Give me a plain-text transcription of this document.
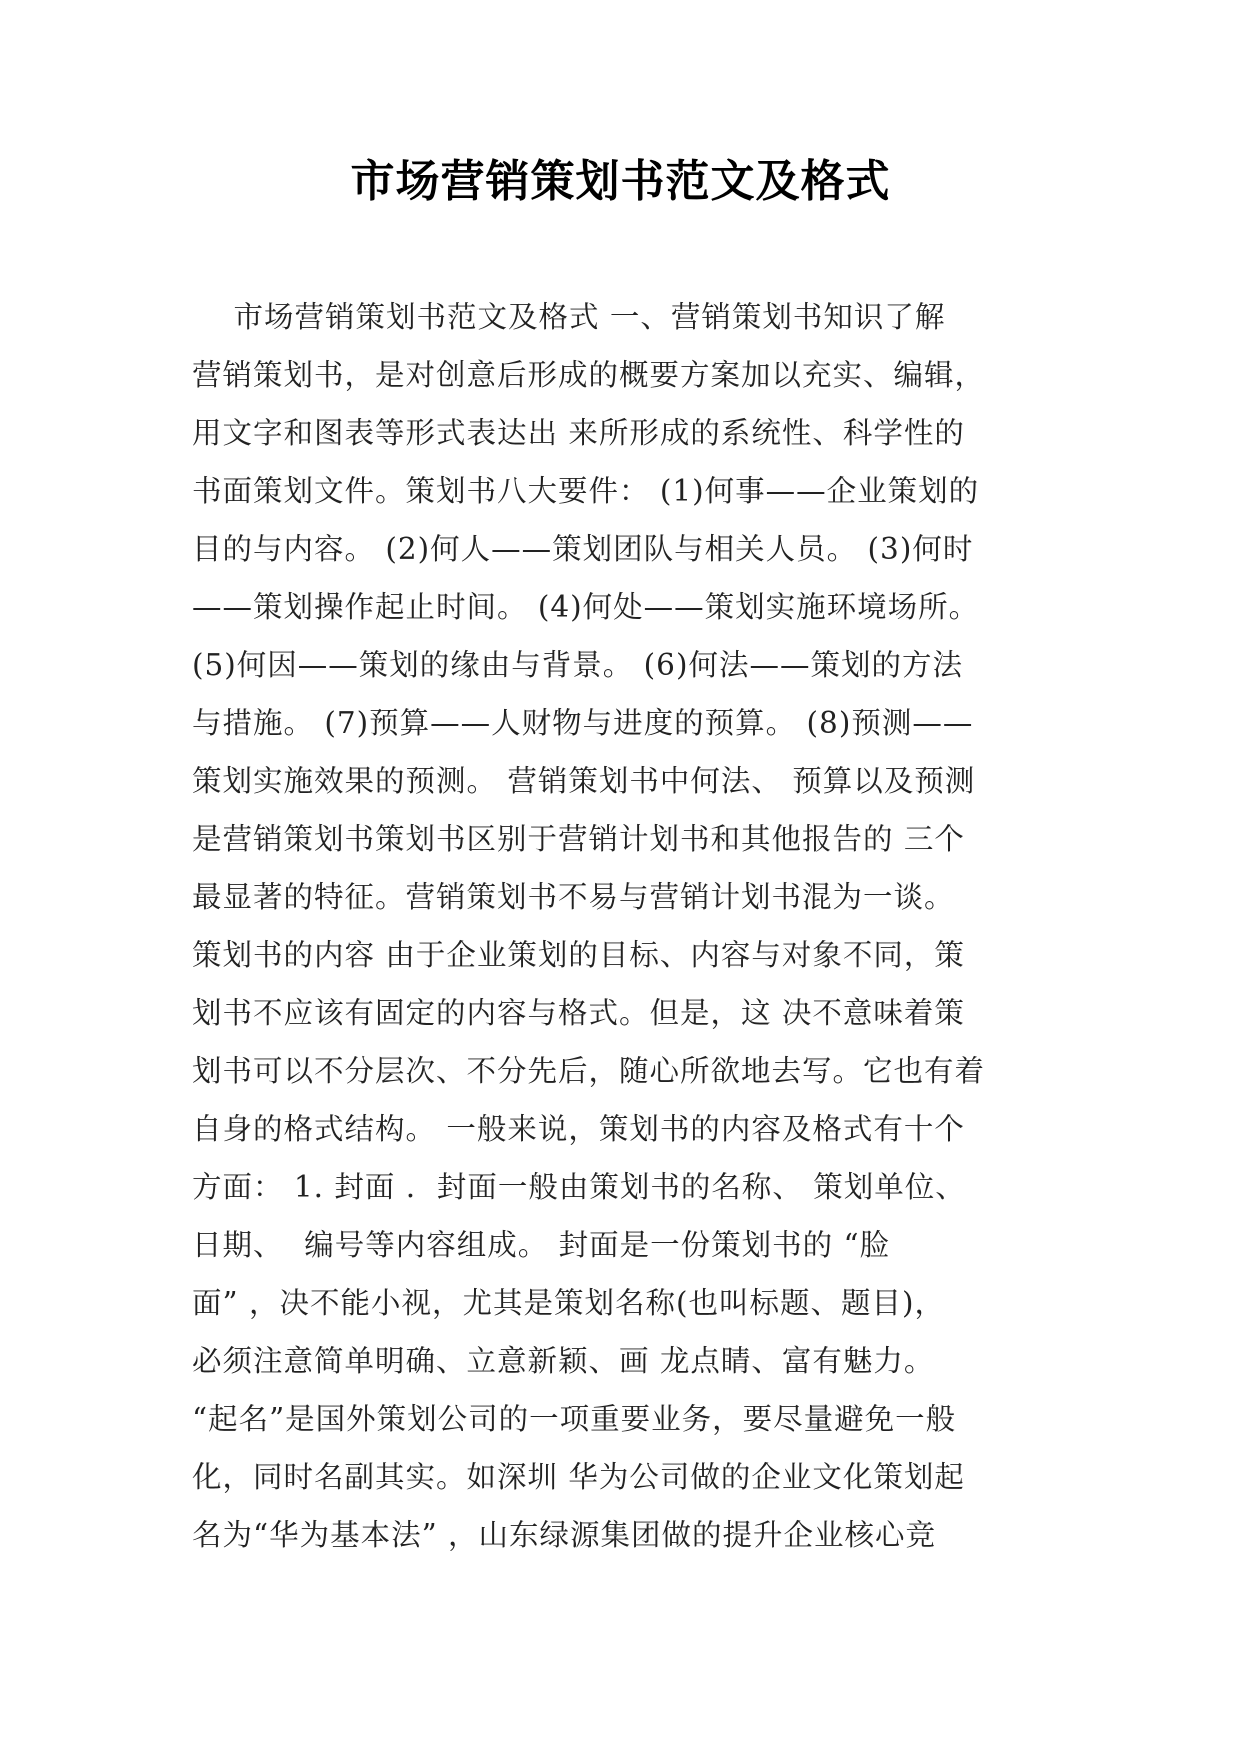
市场营销策划书范文及格式
市场营销策划书范文及格式 一、营销策划书知识了解
营销策划书，是对创意后形成的概要方案加以充实、编辑，
用文字和图表等形式表达出 来所形成的系统性、科学性的
书面策划文件。策划书八大要件： (1)何事——企业策划的
目的与内容。 (2)何人——策划团队与相关人员。 (3)何时
——策划操作起止时间。 (4)何处——策划实施环境场所。
(5)何因——策划的缘由与背景。 (6)何法——策划的方法
与措施。 (7)预算——人财物与进度的预算。 (8)预测——
策划实施效果的预测。 营销策划书中何法、 预算以及预测
是营销策划书策划书区别于营销计划书和其他报告的 三个
最显著的特征。营销策划书不易与营销计划书混为一谈。
策划书的内容 由于企业策划的目标、内容与对象不同，策
划书不应该有固定的内容与格式。但是，这 决不意味着策
划书可以不分层次、不分先后，随心所欲地去写。它也有着
自身的格式结构。 一般来说，策划书的内容及格式有十个
方面： 1. 封面 .  封面一般由策划书的名称、 策划单位、
日期、  编号等内容组成。 封面是一份策划书的 “脸
面” ，决不能小视，尤其是策划名称(也叫标题、题目)，
必须注意简单明确、立意新颖、画 龙点睛、富有魅力。
“起名”是国外策划公司的一项重要业务，要尽量避免一般
化，同时名副其实。如深圳 华为公司做的企业文化策划起
名为“华为基本法” ，山东绿源集团做的提升企业核心竞
